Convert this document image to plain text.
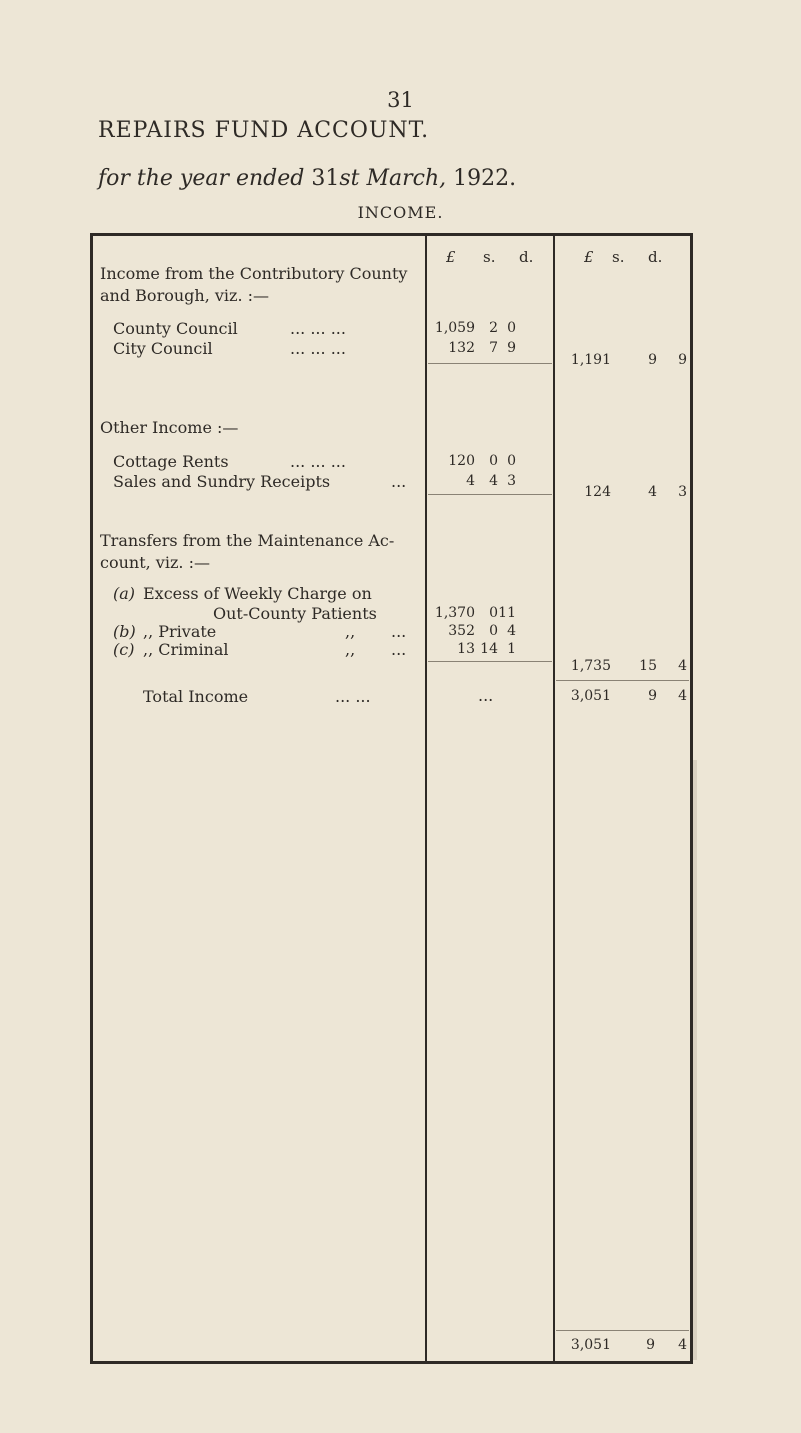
31
REPAIRS FUND ACCOUNT.
for the year ended 31st March, 1922.
INCOME.
£ s. d.	£ s. d.
Income from the Contributory County
and Borough, viz. :—
County Council	... ... ...	1,059 2 0
City Council	... ... ...	132 7 9
1,191	9 9
Other Income :—
Cottage Rents	... ... ...	120 0 0
Sales and Sundry Receipts	...	4 4 3
124	4 3
Transfers from the Maintenance Ac-
count, viz. :—
(a) Excess of Weekly Charge on
Out-County Patients	1,370 0 11
(b) ,, Private	,, ...	352 0 4
(c) ,, Criminal	,, ...	13 14 1
1,735 15 4
Total Income	... ...	...	3,051	9 4
3,051	9 4
